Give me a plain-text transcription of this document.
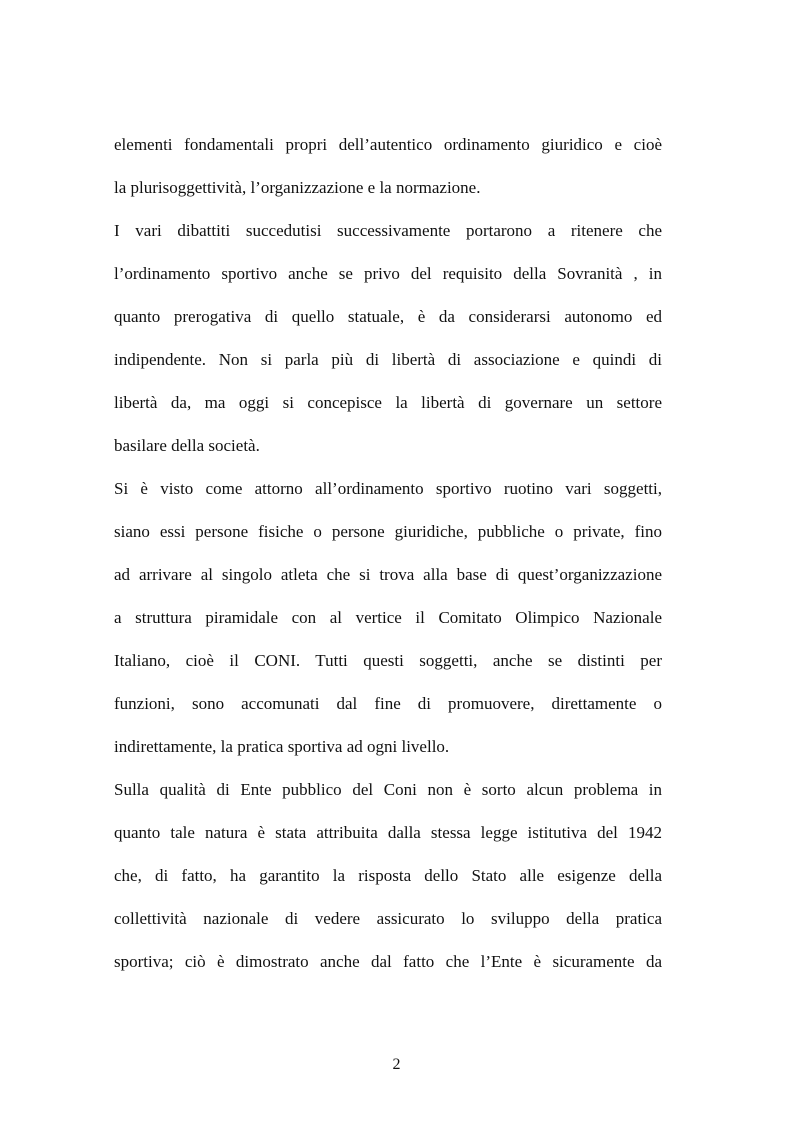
elementi fondamentali propri dell’autentico ordinamento giuridico e cioè
la plurisoggettività, l’organizzazione e la normazione.
I vari dibattiti succedutisi successivamente portarono a ritenere che
l’ordinamento sportivo anche se privo del requisito della Sovranità , in
quanto prerogativa di quello statuale, è da considerarsi autonomo ed
indipendente. Non si parla più di libertà di associazione e quindi di
libertà da, ma oggi si concepisce la libertà di governare un settore
basilare della società.
Si è visto come attorno all’ordinamento sportivo ruotino vari soggetti,
siano essi persone fisiche o persone giuridiche, pubbliche o private, fino
ad arrivare al singolo atleta che si trova alla base di quest’organizzazione
a struttura piramidale con al vertice il Comitato Olimpico Nazionale
Italiano, cioè il CONI. Tutti questi soggetti, anche se distinti per
funzioni, sono accomunati dal fine di promuovere, direttamente o
indirettamente, la pratica sportiva ad ogni livello.
Sulla qualità di Ente pubblico del Coni non è sorto alcun problema in
quanto tale natura è stata attribuita dalla stessa legge istitutiva del 1942
che, di fatto, ha garantito la risposta dello Stato alle esigenze della
collettività nazionale di vedere assicurato lo sviluppo della pratica
sportiva; ciò è dimostrato anche dal fatto che l’Ente è sicuramente da
2
